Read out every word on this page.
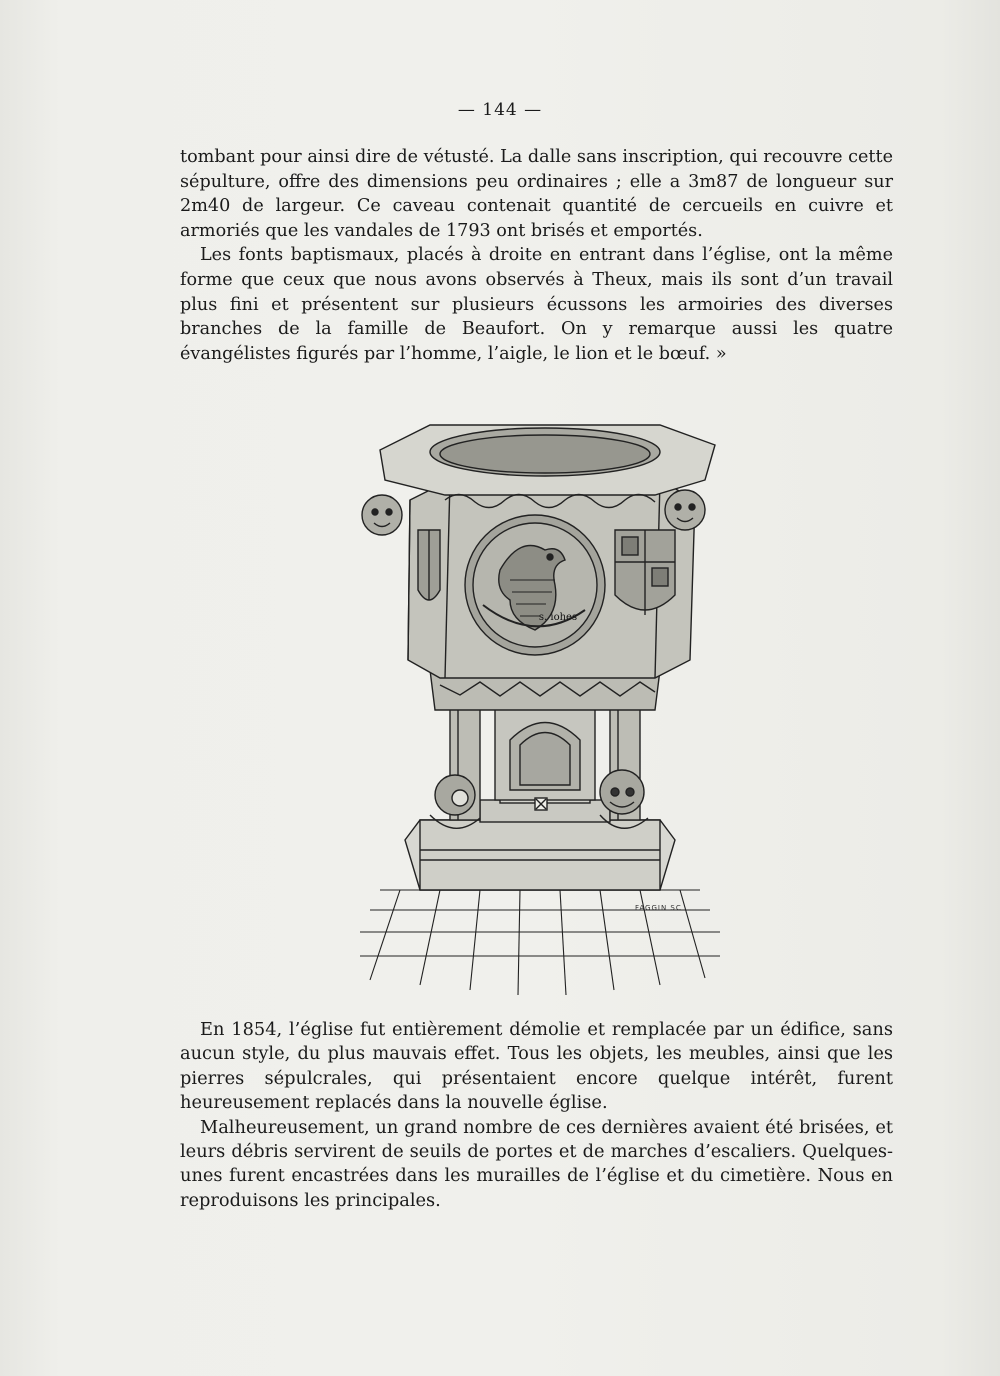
— 144 —

tombant pour ainsi dire de vétusté. La dalle sans inscription, qui recouvre cette sépulture, offre des dimensions peu ordinaires ; elle a 3m87 de longueur sur 2m40 de largeur. Ce caveau contenait quantité de cercueils en cuivre et armoriés que les vandales de 1793 ont brisés et emportés.

Les fonts baptismaux, placés à droite en entrant dans l’église, ont la même forme que ceux que nous avons observés à Theux, mais ils sont d’un travail plus fini et présentent sur plusieurs écussons les armoiries des diverses branches de la famille de Beaufort. On y remarque aussi les quatre évangélistes figurés par l’homme, l’aigle, le lion et le bœuf. »

s. iohes
FAGGIN SC

En 1854, l’église fut entièrement démolie et remplacée par un édifice, sans aucun style, du plus mauvais effet. Tous les objets, les meubles, ainsi que les pierres sépulcrales, qui présentaient encore quelque intérêt, furent heureusement replacés dans la nouvelle église.

Malheureusement, un grand nombre de ces dernières avaient été brisées, et leurs débris servirent de seuils de portes et de marches d’escaliers. Quelques-unes furent encastrées dans les murailles de l’église et du cimetière. Nous en reproduisons les principales.
